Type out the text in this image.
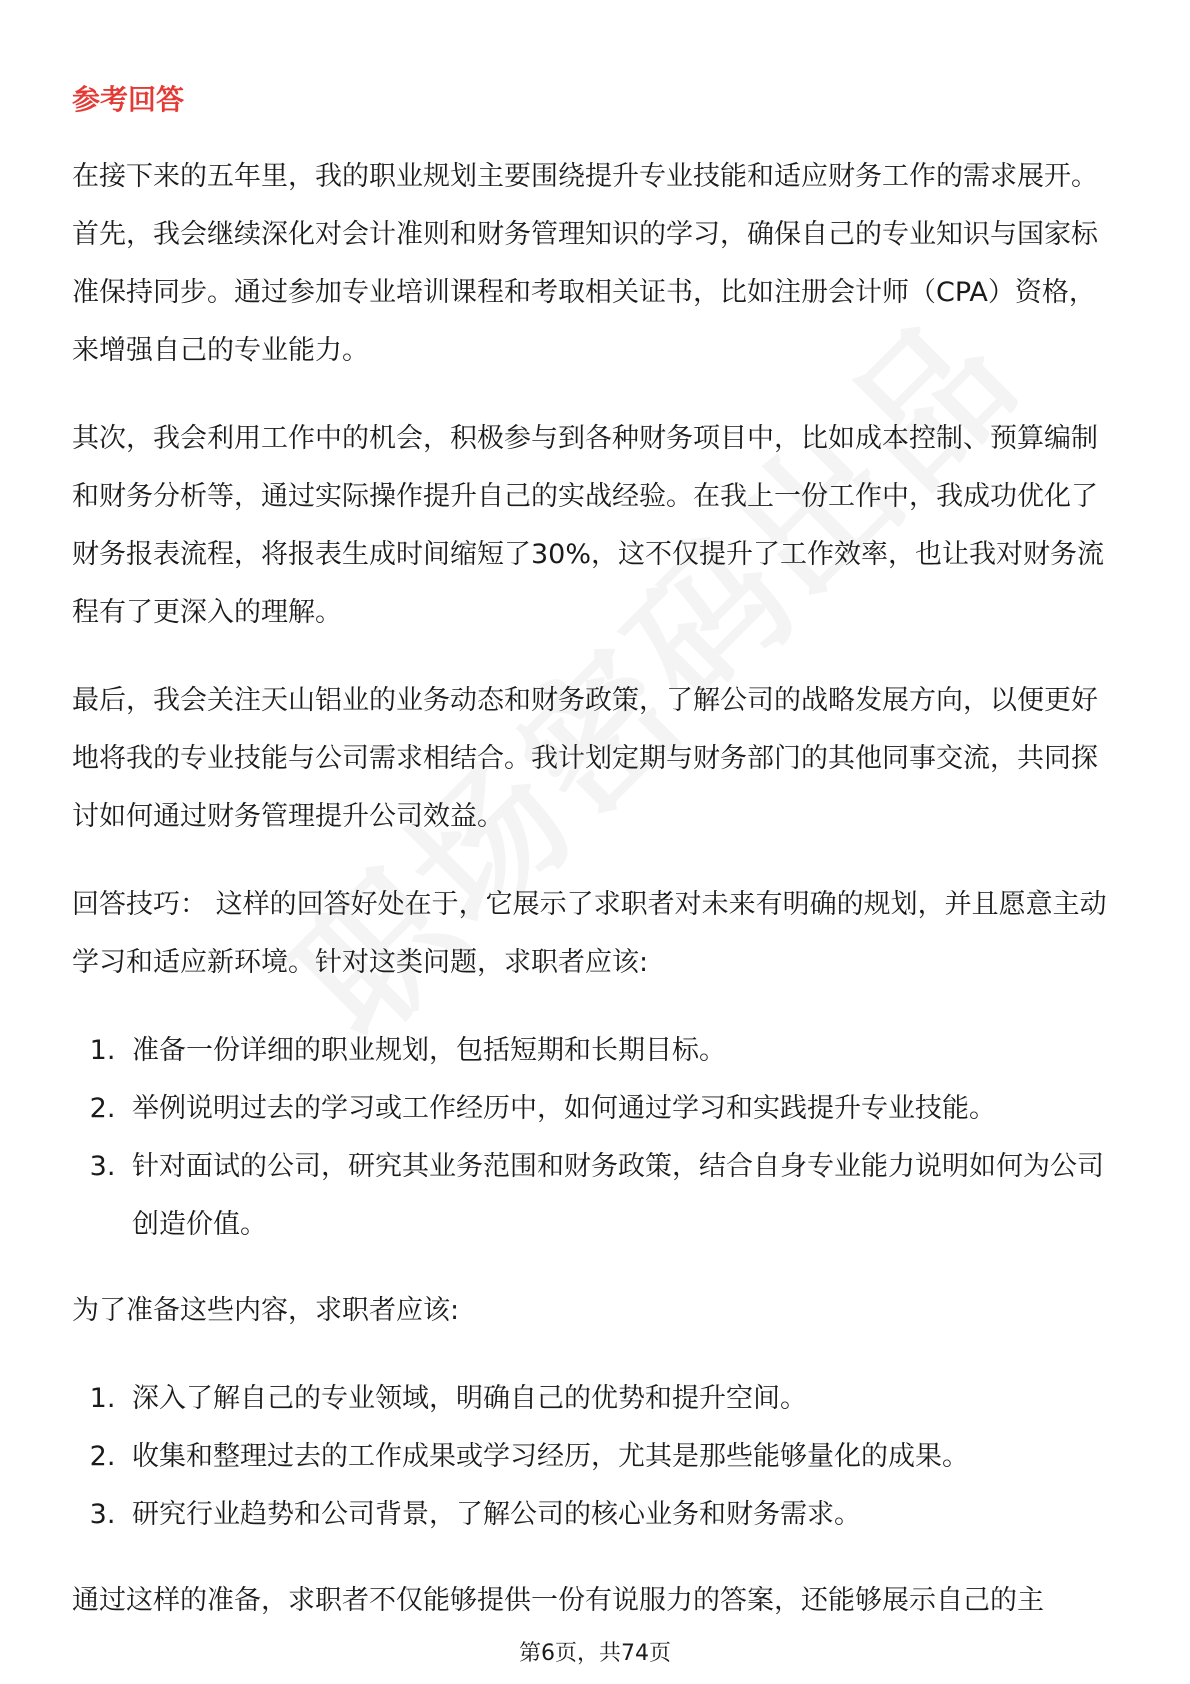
参考回答

在接下来的五年里，我的职业规划主要围绕提升专业技能和适应财务工作的需求展开。首先，我会继续深化对会计准则和财务管理知识的学习，确保自己的专业知识与国家标准保持同步。通过参加专业培训课程和考取相关证书，比如注册会计师（CPA）资格，来增强自己的专业能力。

其次，我会利用工作中的机会，积极参与到各种财务项目中，比如成本控制、预算编制和财务分析等，通过实际操作提升自己的实战经验。在我上一份工作中，我成功优化了财务报表流程，将报表生成时间缩短了30%，这不仅提升了工作效率，也让我对财务流程有了更深入的理解。

最后，我会关注天山铝业的业务动态和财务政策，了解公司的战略发展方向，以便更好地将我的专业技能与公司需求相结合。我计划定期与财务部门的其他同事交流，共同探讨如何通过财务管理提升公司效益。

回答技巧： 这样的回答好处在于，它展示了求职者对未来有明确的规划，并且愿意主动学习和适应新环境。针对这类问题，求职者应该:

1. 准备一份详细的职业规划，包括短期和长期目标。
2. 举例说明过去的学习或工作经历中，如何通过学习和实践提升专业技能。
3. 针对面试的公司，研究其业务范围和财务政策，结合自身专业能力说明如何为公司创造价值。

为了准备这些内容，求职者应该:

1. 深入了解自己的专业领域，明确自己的优势和提升空间。
2. 收集和整理过去的工作成果或学习经历，尤其是那些能够量化的成果。
3. 研究行业趋势和公司背景，了解公司的核心业务和财务需求。

通过这样的准备，求职者不仅能够提供一份有说服力的答案，还能够展示自己的主

第6页，共74页
